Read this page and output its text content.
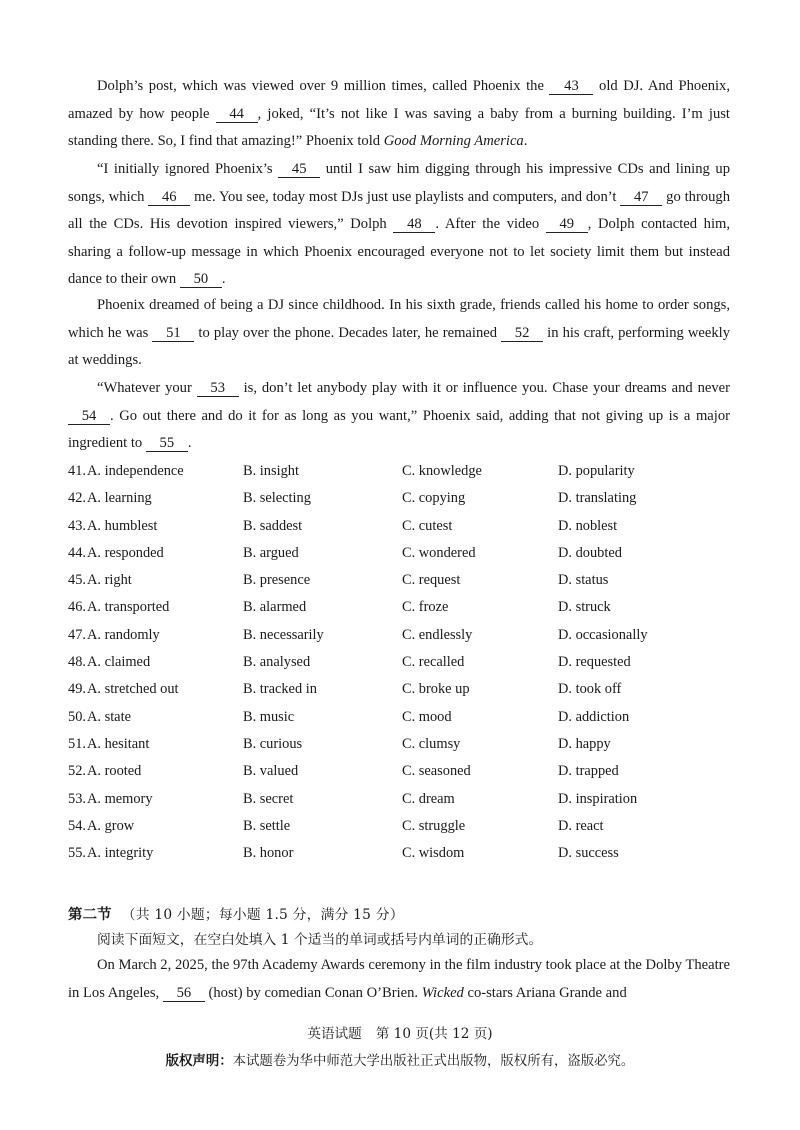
Dolph’s post, which was viewed over 9 million times, called Phoenix the 43 old DJ. And Phoenix, amazed by how people 44 , joked, “It’s not like I was saving a baby from a burning building. I’m just standing there. So, I find that amazing!” Phoenix told Good Morning America.
“I initially ignored Phoenix’s 45 until I saw him digging through his impressive CDs and lining up songs, which 46 me. You see, today most DJs just use playlists and computers, and don’t 47 go through all the CDs. His devotion inspired viewers,” Dolph 48 . After the video 49 , Dolph contacted him, sharing a follow-up message in which Phoenix encouraged everyone not to let society limit them but instead dance to their own 50 .
Phoenix dreamed of being a DJ since childhood. In his sixth grade, friends called his home to order songs, which he was 51 to play over the phone. Decades later, he remained 52 in his craft, performing weekly at weddings.
“Whatever your 53 is, don’t let anybody play with it or influence you. Chase your dreams and never 54 . Go out there and do it for as long as you want,” Phoenix said, adding that not giving up is a major ingredient to 55 .
41. A. independence	B. insight	C. knowledge	D. popularity
42. A. learning	B. selecting	C. copying	D. translating
43. A. humblest	B. saddest	C. cutest	D. noblest
44. A. responded	B. argued	C. wondered	D. doubted
45. A. right	B. presence	C. request	D. status
46. A. transported	B. alarmed	C. froze	D. struck
47. A. randomly	B. necessarily	C. endlessly	D. occasionally
48. A. claimed	B. analysed	C. recalled	D. requested
49. A. stretched out	B. tracked in	C. broke up	D. took off
50. A. state	B. music	C. mood	D. addiction
51. A. hesitant	B. curious	C. clumsy	D. happy
52. A. rooted	B. valued	C. seasoned	D. trapped
53. A. memory	B. secret	C. dream	D. inspiration
54. A. grow	B. settle	C. struggle	D. react
55. A. integrity	B. honor	C. wisdom	D. success
第二节 （共 10 小题；每小题 1.5 分，满分 15 分）
阅读下面短文，在空白处填入 1 个适当的单词或括号内单词的正确形式。
On March 2, 2025, the 97th Academy Awards ceremony in the film industry took place at the Dolby Theatre in Los Angeles, 56 (host) by comedian Conan O’Brien. Wicked co-stars Ariana Grande and
英语试题 第 10 页(共 12 页)
版权声明：本试题卷为华中师范大学出版社正式出版物，版权所有，盗版必究。
